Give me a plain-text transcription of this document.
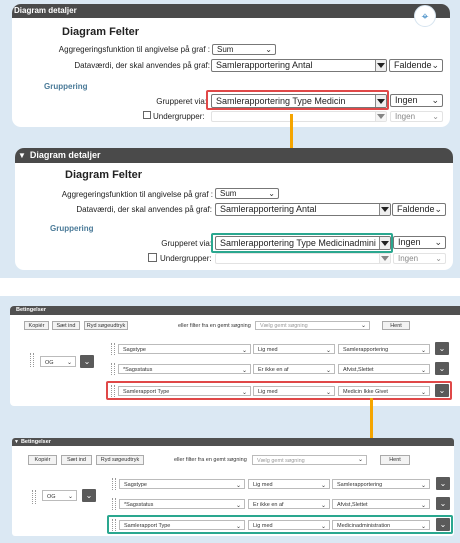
Diagram detaljer
Diagram Felter
Aggregeringsfunktion til angivelse på graf : Sum	⌄
Dataværdi, der skal anvendes på graf: Samlerapportering Antal	Faldende ⌄
Gruppering
Grupperet via: Samlerapportering Type Medicin	Ingen ⌄
Undergrupper:	Ingen ⌄
⌖
▼ Diagram detaljer
Diagram Felter
Aggregeringsfunktion til angivelse på graf : Sum	⌄
Dataværdi, der skal anvendes på graf: Samlerapportering Antal	Faldende ⌄
Gruppering
Grupperet via: Samlerapportering Type Medicinadmini Ingen ⌄
Undergrupper:	Ingen ⌄
Betingelser
Kopiér	Sæt ind	Ryd søgeudtryk	eller filter fra en gemt søgning Vælg gemt søgning	⌄	Hent
OG ⌄	⌄
Sagstype	⌄ Lig med	⌄ Samlerapportering	⌄	⌄
*Sagsstatus	⌄ Er ikke en af	⌄ Afvist,Slettet	⌄	⌄
Samlerapport Type	⌄ Lig med	⌄ Medicin Ikke Givet	⌄	⌄
▼ Betingelser
Kopiér	Sæt ind	Ryd søgeudtryk	eller filter fra en gemt søgning Vælg gemt søgning	⌄	Hent
OG ⌄	⌄
Sagstype	⌄ Lig med	⌄ Samlerapportering	⌄	⌄
*Sagsstatus	⌄ Er ikke en af	⌄ Afvist,Slettet	⌄	⌄
Samlerapport Type	⌄ Lig med	⌄ Medicinadministration	⌄	⌄
